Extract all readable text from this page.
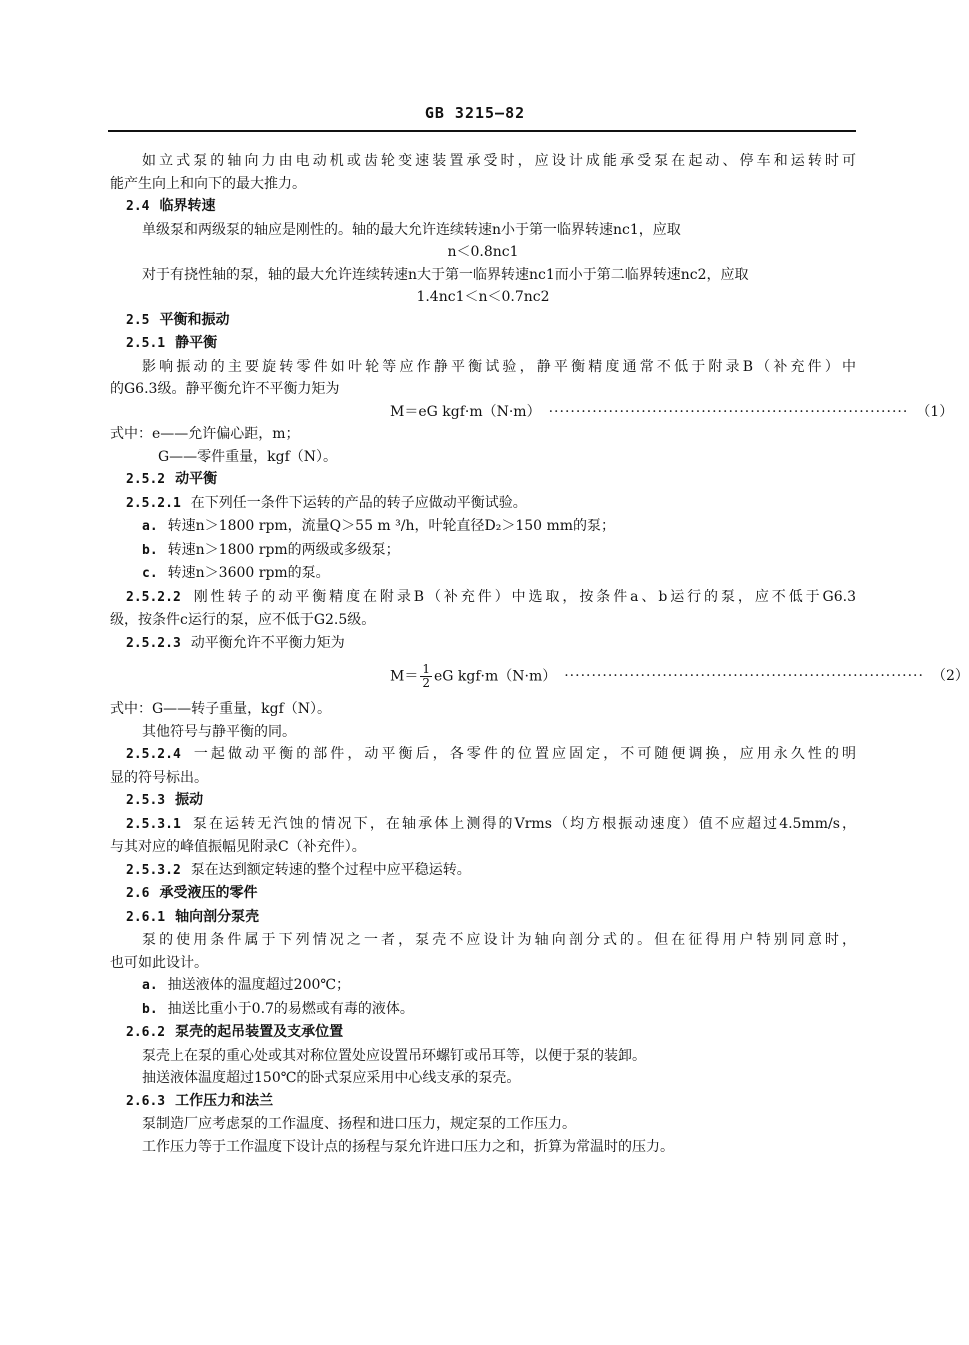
GB 3215—82
如立式泵的轴向力由电动机或齿轮变速装置承受时，应设计成能承受泵在起动、停车和运转时可
能产生向上和向下的最大推力。
2.4 临界转速
单级泵和两级泵的轴应是刚性的。轴的最大允许连续转速n小于第一临界转速nc1，应取
n＜0.8nc1
对于有挠性轴的泵，轴的最大允许连续转速n大于第一临界转速nc1而小于第二临界转速nc2，应取
1.4nc1＜n＜0.7nc2
2.5 平衡和振动
2.5.1 静平衡
影响振动的主要旋转零件如叶轮等应作静平衡试验，静平衡精度通常不低于附录B（补充件）中
的G6.3级。静平衡允许不平衡力矩为
M＝eG kgf·m（N·m） ·································································· （1）
式中：e——允许偏心距，m；
G——零件重量，kgf（N）。
2.5.2 动平衡
2.5.2.1 在下列任一条件下运转的产品的转子应做动平衡试验。
a. 转速n＞1800 rpm，流量Q＞55 m ³/h，叶轮直径D₂＞150 mm的泵；
b. 转速n＞1800 rpm的两级或多级泵；
c. 转速n＞3600 rpm的泵。
2.5.2.2 刚性转子的动平衡精度在附录B（补充件）中选取，按条件a、b运行的泵，应不低于G6.3
级，按条件c运行的泵，应不低于G2.5级。
2.5.2.3 动平衡允许不平衡力矩为
$M= \frac{1}{2}$ eG kgf·m（N·m） ·································································· （2）
式中：G——转子重量，kgf（N）。
其他符号与静平衡的同。
2.5.2.4 一起做动平衡的部件，动平衡后，各零件的位置应固定，不可随便调换，应用永久性的明
显的符号标出。
2.5.3 振动
2.5.3.1 泵在运转无汽蚀的情况下，在轴承体上测得的Vrms（均方根振动速度）值不应超过4.5mm/s，
与其对应的峰值振幅见附录C（补充件）。
2.5.3.2 泵在达到额定转速的整个过程中应平稳运转。
2.6 承受液压的零件
2.6.1 轴向剖分泵壳
泵的使用条件属于下列情况之一者，泵壳不应设计为轴向剖分式的。但在征得用户特别同意时，
也可如此设计。
a. 抽送液体的温度超过200℃；
b. 抽送比重小于0.7的易燃或有毒的液体。
2.6.2 泵壳的起吊装置及支承位置
泵壳上在泵的重心处或其对称位置处应设置吊环螺钉或吊耳等，以便于泵的装卸。
抽送液体温度超过150℃的卧式泵应采用中心线支承的泵壳。
2.6.3 工作压力和法兰
泵制造厂应考虑泵的工作温度、扬程和进口压力，规定泵的工作压力。
工作压力等于工作温度下设计点的扬程与泵允许进口压力之和，折算为常温时的压力。
